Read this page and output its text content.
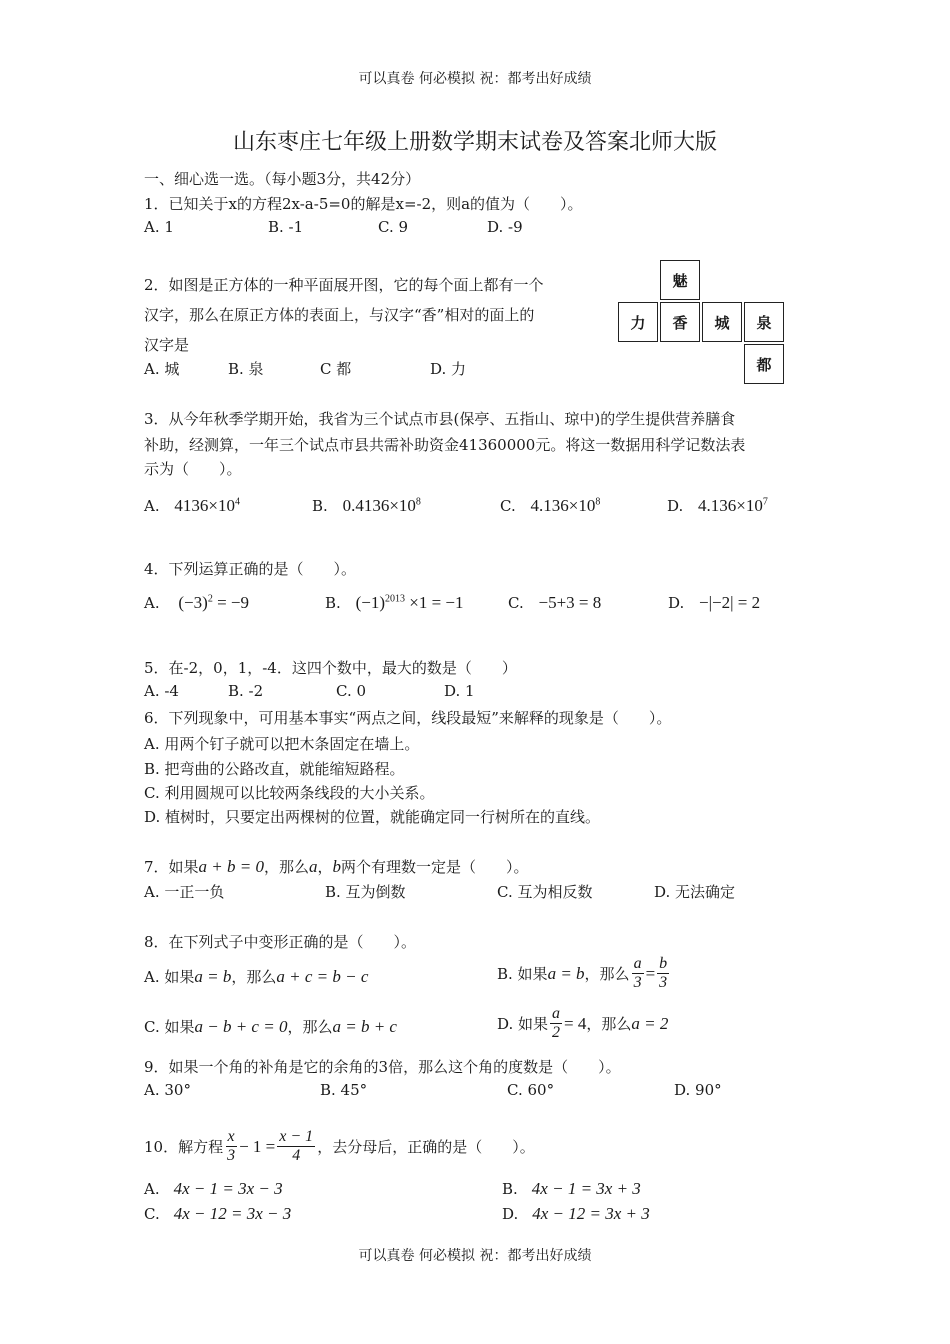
可以真卷 何必模拟 祝：都考出好成绩
山东枣庄七年级上册数学期末试卷及答案北师大版
一、细心选一选。（每小题3分，共42分）
1．已知关于x的方程2x-a-5=0的解是x=-2，则a的值为（　　）。
A. 1	B. -1	C. 9	D. -9
2．如图是正方体的一种平面展开图，它的每个面上都有一个
汉字，那么在原正方体的表面上，与汉字“香”相对的面上的
汉字是
A. 城	B. 泉	C 都	D. 力
魅
力	香	城	泉
都
3．从今年秋季学期开始，我省为三个试点市县(保亭、五指山、琼中)的学生提供营养膳食
补助，经测算，一年三个试点市县共需补助资金41360000元。将这一数据用科学记数法表
示为（　　）。
A. $4136\times 10^4$	B. $0.4136\times 10^8$	C. $4.136\times 10^8$	D. $4.136\times 10^7$
4．下列运算正确的是（　　）。
A. $(-3)^2 = -9$	B. $(-1)^{2013} \times 1 = -1$	C. −5+3 = 8	D. −|−2| = 2
5．在-2，0，1，-4．这四个数中，最大的数是（　　）
A. -4	B. -2	C. 0	D. 1
6．下列现象中，可用基本事实“两点之间，线段最短”来解释的现象是（　　）。
A. 用两个钉子就可以把木条固定在墙上。
B. 把弯曲的公路改直，就能缩短路程。
C. 利用圆规可以比较两条线段的大小关系。
D. 植树时，只要定出两棵树的位置，就能确定同一行树所在的直线。
7．如果a + b = 0，那么a，b两个有理数一定是（　　）。
A. 一正一负	B. 互为倒数	C. 互为相反数	D. 无法确定
8．在下列式子中变形正确的是（　　）。
A. 如果a = b，那么a + c = b − c	B. 如果 a = b ，那么 $\frac{a}{3} = \frac{b}{3}$
C. 如果a − b + c = 0，那么a = b + c	D. 如果 $\frac{a}{2} = 4$ ，那么 a = 2
9．如果一个角的补角是它的余角的3倍，那么这个角的度数是（　　）。
A. 30°	B. 45°	C. 60°	D. 90°
10．解方程 $\frac{x}{3} - 1 = \frac{x - 1}{4}$ ，去分母后，正确的是（　　）。
A. 4x − 1 = 3x − 3	B. 4x − 1 = 3x + 3
C. 4x − 12 = 3x − 3	D. 4x − 12 = 3x + 3
可以真卷 何必模拟 祝：都考出好成绩
